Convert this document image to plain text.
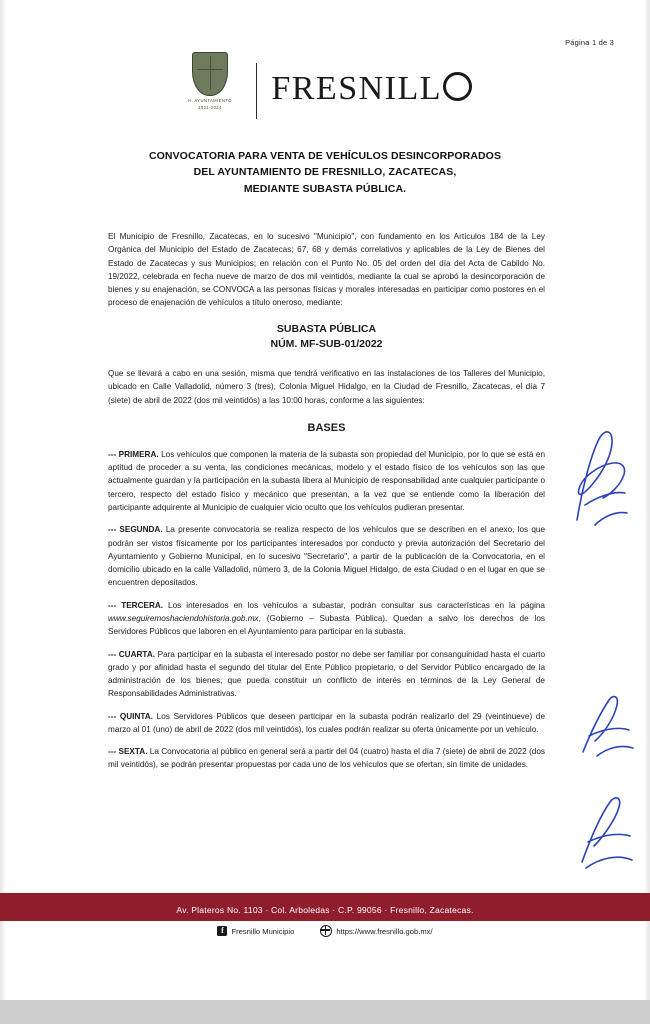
Página 1 de 3
H. AYUNTAMIENTO
2021-2024
FRESNILL
CONVOCATORIA PARA VENTA DE VEHÍCULOS DESINCORPORADOS
DEL AYUNTAMIENTO DE FRESNILLO, ZACATECAS,
MEDIANTE SUBASTA PÚBLICA.

El Municipio de Fresnillo, Zacatecas, en lo sucesivo "Municipio", con fundamento en los Artículos 184 de la Ley Orgánica del Municipio del Estado de Zacatecas; 67, 68 y demás correlativos y aplicables de la Ley de Bienes del Estado de Zacatecas y sus Municipios; en relación con el Punto No. 05 del orden del día del Acta de Cabildo No. 19/2022, celebrada en fecha nueve de marzo de dos mil veintidós, mediante la cual se aprobó la desincorporación de bienes y su enajenación, se CONVOCA a las personas físicas y morales interesadas en participar como postores en el proceso de enajenación de vehículos a título oneroso, mediante:

SUBASTA PÚBLICA
NÚM. MF-SUB-01/2022

Que se llevará a cabo en una sesión, misma que tendrá verificativo en las instalaciones de los Talleres del Municipio, ubicado en Calle Valladolid, número 3 (tres), Colonia Miguel Hidalgo, en la Ciudad de Fresnillo, Zacatecas, el día 7 (siete) de abril de 2022 (dos mil veintidós) a las 10:00 horas, conforme a las siguientes:

BASES

--- PRIMERA. Los vehículos que componen la materia de la subasta son propiedad del Municipio, por lo que se está en aptitud de proceder a su venta, las condiciones mecánicas, modelo y el estado físico de los vehículos son las que actualmente guardan y la participación en la subasta libera al Municipio de responsabilidad ante cualquier participante o tercero, respecto del estado físico y mecánico que presentan, a la vez que se entiende como la liberación del participante adquirente al Municipio de cualquier vicio oculto que los vehículos pudieran presentar.

--- SEGUNDA. La presente convocatoria se realiza respecto de los vehículos que se describen en el anexo, los que podrán ser vistos físicamente por los participantes interesados por conducto y previa autorización del Secretario del Ayuntamiento y Gobierno Municipal, en lo sucesivo "Secretario", a partir de la publicación de la Convocatoria, en el domicilio ubicado en la calle Valladolid, número 3, de la Colonia Miguel Hidalgo, de esta Ciudad o en el lugar en que se encuentren depositados.

--- TERCERA. Los interesados en los vehículos a subastar, podrán consultar sus características en la página www.seguiremoshaciendohistoria.gob.mx, (Gobierno – Subasta Pública). Quedan a salvo los derechos de los Servidores Públicos que laboren en el Ayuntamiento para participar en la subasta.

--- CUARTA. Para participar en la subasta el interesado postor no debe ser familiar por consanguinidad hasta el cuarto grado y por afinidad hasta el segundo del titular del Ente Público propietario, o del Servidor Público encargado de la administración de los bienes, que pueda constituir un conflicto de interés en términos de la Ley General de Responsabilidades Administrativas.

--- QUINTA. Los Servidores Públicos que deseen participar en la subasta podrán realizarlo del 29 (veintinueve) de marzo al 01 (uno) de abril de 2022 (dos mil veintidós), los cuales podrán realizar su oferta únicamente por un vehículo.

--- SEXTA. La Convocatoria al público en general será a partir del 04 (cuatro) hasta el día 7 (siete) de abril de 2022 (dos mil veintidós), se podrán presentar propuestas por cada uno de los vehículos que se ofertan, sin límite de unidades.

Av. Plateros No. 1103 · Col. Arboledas · C.P. 99056 · Fresnillo, Zacatecas.
f	Fresnillo Municipio	https://www.fresnillo.gob.mx/
